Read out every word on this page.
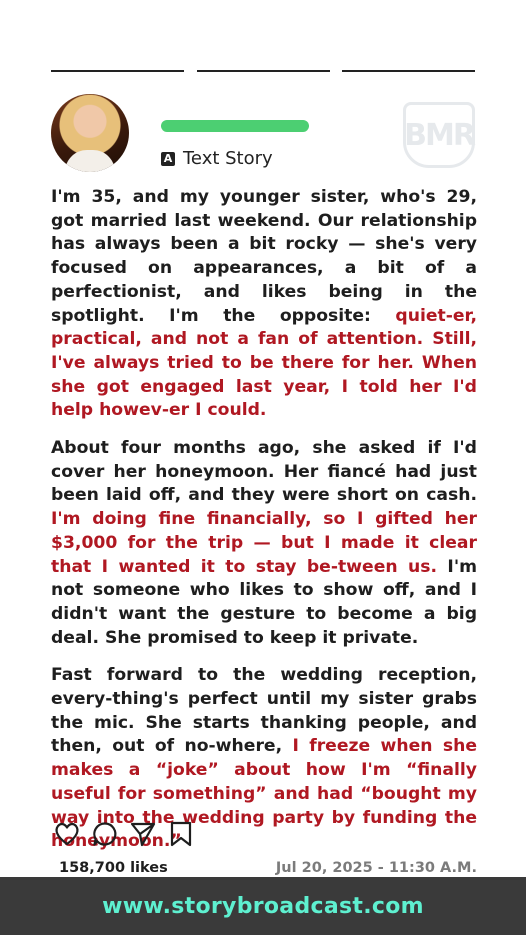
A Text Story
BMR

I'm 35, and my younger sister, who's 29, got married last weekend. Our relationship has always been a bit rocky — she's very focused on appearances, a bit of a perfectionist, and likes being in the spotlight. I'm the opposite: quiet-er, practical, and not a fan of attention. Still, I've always tried to be there for her. When she got engaged last year, I told her I'd help howev-er I could.

About four months ago, she asked if I'd cover her honeymoon. Her fiancé had just been laid off, and they were short on cash. I'm doing fine financially, so I gifted her $3,000 for the trip — but I made it clear that I wanted it to stay be-tween us. I'm not someone who likes to show off, and I didn't want the gesture to become a big deal. She promised to keep it private.

Fast forward to the wedding reception, every-thing's perfect until my sister grabs the mic. She starts thanking people, and then, out of no-where, I freeze when she makes a “joke” about how I'm “finally useful for something” and had “bought my way into the wedding party by funding the honeymoon.”

158,700 likes	Jul 20, 2025 - 11:30 A.M.
www.storybroadcast.com
